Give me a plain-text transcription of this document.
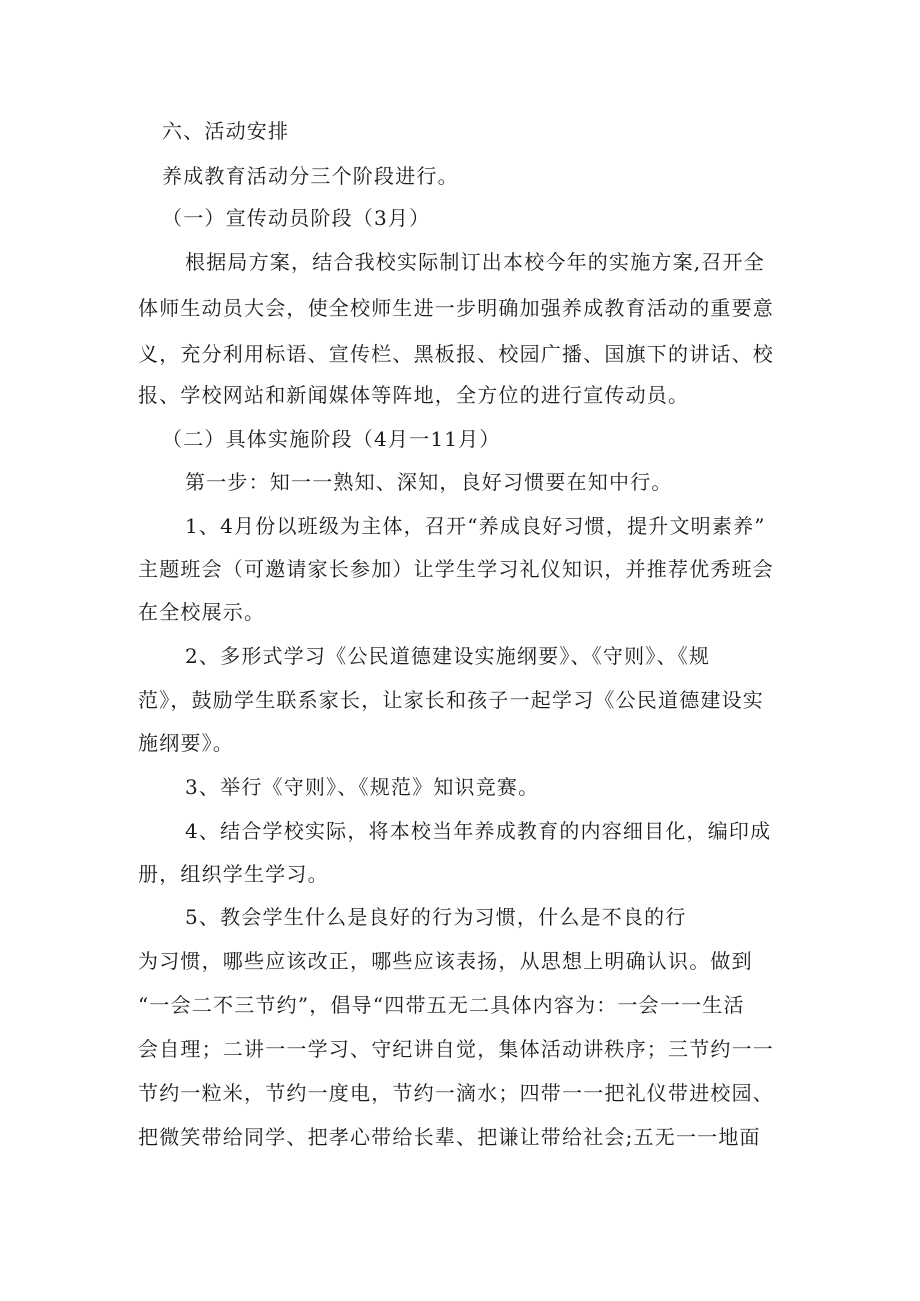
六、活动安排
养成教育活动分三个阶段进行。
（一）宣传动员阶段（3月）
根据局方案，结合我校实际制订出本校今年的实施方案,召开全
体师生动员大会，使全校师生进一步明确加强养成教育活动的重要意
义，充分利用标语、宣传栏、黑板报、校园广播、国旗下的讲话、校
报、学校网站和新闻媒体等阵地，全方位的进行宣传动员。
（二）具体实施阶段（4月一11月）
第一步：知一一熟知、深知，良好习惯要在知中行。
1、4月份以班级为主体，召开“养成良好习惯，提升文明素养”
主题班会（可邀请家长参加）让学生学习礼仪知识，并推荐优秀班会
在全校展示。
2、多形式学习《公民道德建设实施纲要》、《守则》、《规
范》，鼓励学生联系家长，让家长和孩子一起学习《公民道德建设实
施纲要》。
3、举行《守则》、《规范》知识竞赛。
4、结合学校实际，将本校当年养成教育的内容细目化，编印成
册，组织学生学习。
5、教会学生什么是良好的行为习惯，什么是不良的行
为习惯，哪些应该改正，哪些应该表扬，从思想上明确认识。做到
“一会二不三节约”，倡导“四带五无二具体内容为：一会一一生活
会自理；二讲一一学习、守纪讲自觉，集体活动讲秩序；三节约一一
节约一粒米，节约一度电，节约一滴水；四带一一把礼仪带进校园、
把微笑带给同学、把孝心带给长辈、把谦让带给社会;五无一一地面
